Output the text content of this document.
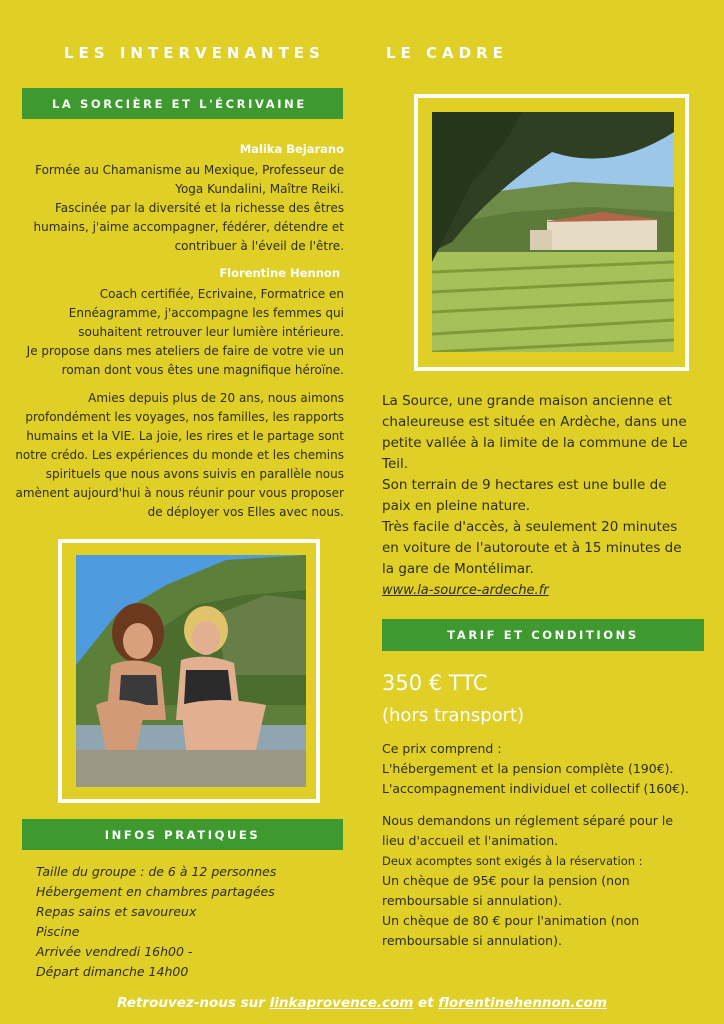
LES INTERVENANTES
LA SORCIÈRE ET L'ÉCRIVAINE
Malika Bejarano
Formée au Chamanisme au Mexique, Professeur de
Yoga Kundalini, Maître Reiki.
Fascinée par la diversité et la richesse des êtres
humains, j'aime accompagner, fédérer, détendre et
contribuer à l'éveil de l'être.
Florentine Hennon
Coach certifiée, Ecrivaine, Formatrice en
Ennéagramme, j'accompagne les femmes qui
souhaitent retrouver leur lumière intérieure.
Je propose dans mes ateliers de faire de votre vie un
roman dont vous êtes une magnifique héroïne.
Amies depuis plus de 20 ans, nous aimons
profondément les voyages, nos familles, les rapports
humains et la VIE. La joie, les rires et le partage sont
notre crédo. Les expériences du monde et les chemins
spirituels que nous avons suivis en parallèle nous
amènent aujourd'hui à nous réunir pour vous proposer
de déployer vos Elles avec nous.
INFOS PRATIQUES
Taille du groupe : de 6 à 12 personnes
Hébergement en chambres partagées
Repas sains et savoureux
Piscine
Arrivée vendredi 16h00 -
Départ dimanche 14h00
LE CADRE
La Source, une grande maison ancienne et
chaleureuse est située en Ardèche, dans une
petite vallée à la limite de la commune de Le
Teil.
Son terrain de 9 hectares est une bulle de
paix en pleine nature.
Très facile d'accès, à seulement 20 minutes
en voiture de l'autoroute et à 15 minutes de
la gare de Montélimar.
www.la-source-ardeche.fr
TARIF ET CONDITIONS
350 € TTC
(hors transport)
Ce prix comprend :
L'hébergement et la pension complète (190€).
L'accompagnement individuel et collectif (160€).
Nous demandons un réglement séparé pour le
lieu d'accueil et l'animation.
Deux acomptes sont exigés à la réservation :
Un chèque de 95€ pour la pension (non
remboursable si annulation).
Un chèque de 80 € pour l'animation (non
remboursable si annulation).
Retrouvez-nous sur linkaprovence.com et florentinehennon.com
